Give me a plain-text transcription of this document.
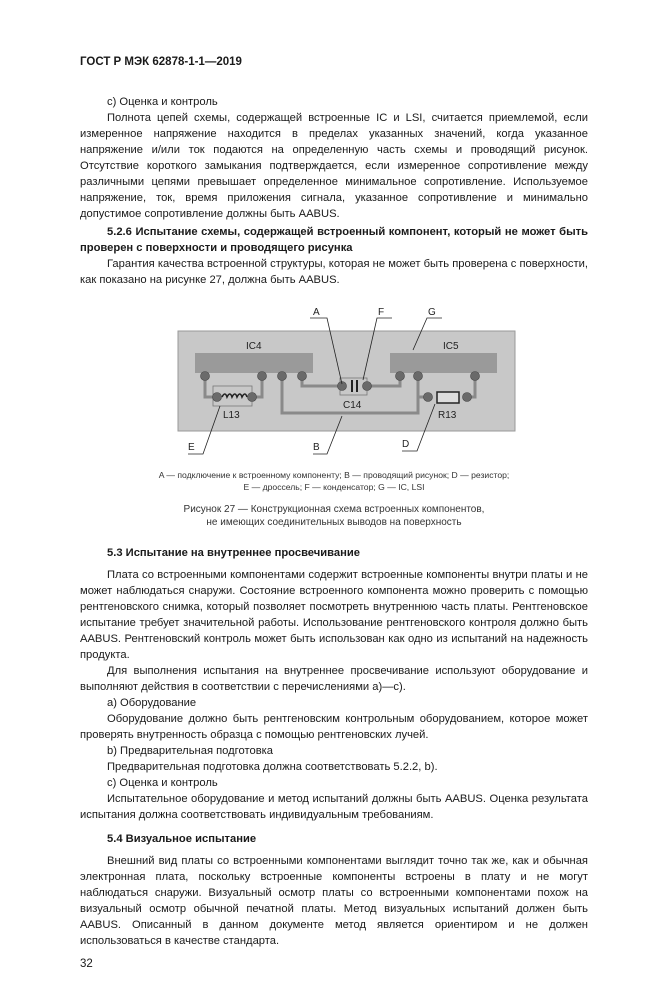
ГОСТ Р МЭК 62878-1-1—2019

c) Оценка и контроль

Полнота цепей схемы, содержащей встроенные IC и LSI, считается приемлемой, если измеренное напряжение находится в пределах указанных значений, когда указанное напряжение и/или ток подаются на определенную часть схемы и проводящий рисунок. Отсутствие короткого замыкания подтверждается, если измеренное сопротивление между различными цепями превышает определенное минимальное сопротивление. Используемое напряжение, ток, время приложения сигнала, указанное сопротивление и минимально допустимое сопротивление должны быть AABUS.

5.2.6 Испытание схемы, содержащей встроенный компонент, который не может быть проверен с поверхности и проводящего рисунка

Гарантия качества встроенной структуры, которая не может быть проверена с поверхности, как показано на рисунке 27, должна быть AABUS.

A	F	G
E	B	D
IC4	IC5
C14
L13	R13
A — подключение к встроенному компоненту; B — проводящий рисунок; D — резистор;
E — дроссель; F — конденсатор; G — IC, LSI
Рисунок 27 — Конструкционная схема встроенных компонентов,
не имеющих соединительных выводов на поверхность

5.3 Испытание на внутреннее просвечивание

Плата со встроенными компонентами содержит встроенные компоненты внутри платы и не может наблюдаться снаружи. Состояние встроенного компонента можно проверить с помощью рентгеновского снимка, который позволяет посмотреть внутреннюю часть платы. Рентгеновское испытание требует значительной работы. Использование рентгеновского контроля должно быть AABUS. Рентгеновский контроль может быть использован как одно из испытаний на надежность продукта.

Для выполнения испытания на внутреннее просвечивание используют оборудование и выполняют действия в соответствии с перечислениями a)—c).

a) Оборудование

Оборудование должно быть рентгеновским контрольным оборудованием, которое может проверять внутренность образца с помощью рентгеновских лучей.

b) Предварительная подготовка

Предварительная подготовка должна соответствовать 5.2.2, b).

c) Оценка и контроль

Испытательное оборудование и метод испытаний должны быть AABUS. Оценка результата испытания должна соответствовать индивидуальным требованиям.

5.4 Визуальное испытание

Внешний вид платы со встроенными компонентами выглядит точно так же, как и обычная электронная плата, поскольку встроенные компоненты встроены в плату и не могут наблюдаться снаружи. Визуальный осмотр платы со встроенными компонентами похож на визуальный осмотр обычной печатной платы. Метод визуальных испытаний должен быть AABUS. Описанный в данном документе метод является ориентиром и не должен использоваться в качестве стандарта.

32
